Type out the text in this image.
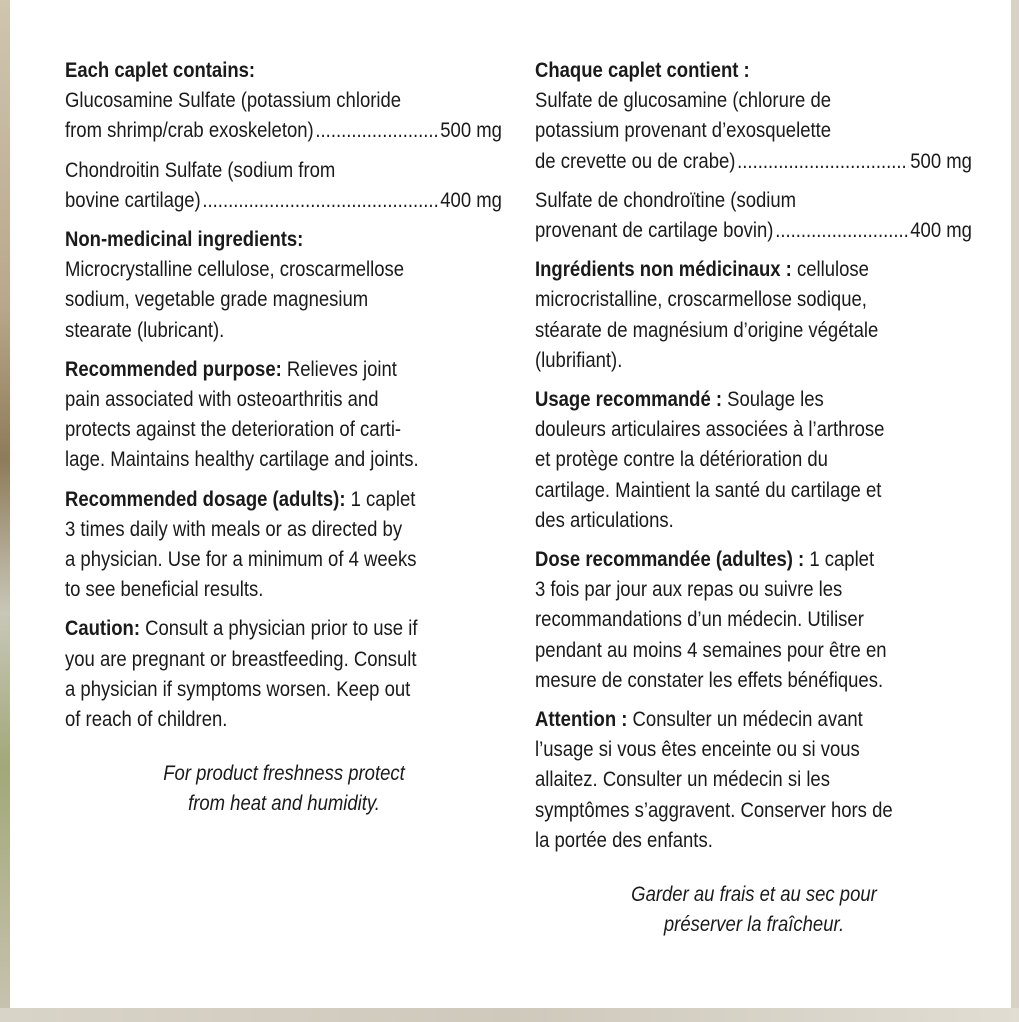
Each caplet contains:
Glucosamine Sulfate (potassium chloride
from shrimp/crab exoskeleton) .....	500 mg

Chondroitin Sulfate (sodium from
bovine cartilage) .....	400 mg

Non-medicinal ingredients:
Microcrystalline cellulose, croscarmellose
sodium, vegetable grade magnesium
stearate (lubricant).

Recommended purpose: Relieves joint
pain associated with osteoarthritis and
protects against the deterioration of carti-
lage. Maintains healthy cartilage and joints.

Recommended dosage (adults): 1 caplet
3 times daily with meals or as directed by
a physician. Use for a minimum of 4 weeks
to see beneficial results.

Caution: Consult a physician prior to use if
you are pregnant or breastfeeding. Consult
a physician if symptoms worsen. Keep out
of reach of children.

For product freshness protect
from heat and humidity.

Chaque caplet contient :
Sulfate de glucosamine (chlorure de
potassium provenant d’exosquelette
de crevette ou de crabe) .....	500 mg

Sulfate de chondroïtine (sodium
provenant de cartilage bovin) .....	400 mg

Ingrédients non médicinaux : cellulose
microcristalline, croscarmellose sodique,
stéarate de magnésium d’origine végétale
(lubrifiant).

Usage recommandé : Soulage les
douleurs articulaires associées à l’arthrose
et protège contre la détérioration du
cartilage. Maintient la santé du cartilage et
des articulations.

Dose recommandée (adultes) : 1 caplet
3 fois par jour aux repas ou suivre les
recommandations d’un médecin. Utiliser
pendant au moins 4 semaines pour être en
mesure de constater les effets bénéfiques.

Attention : Consulter un médecin avant
l’usage si vous êtes enceinte ou si vous
allaitez. Consulter un médecin si les
symptômes s’aggravent. Conserver hors de
la portée des enfants.

Garder au frais et au sec pour
préserver la fraîcheur.
